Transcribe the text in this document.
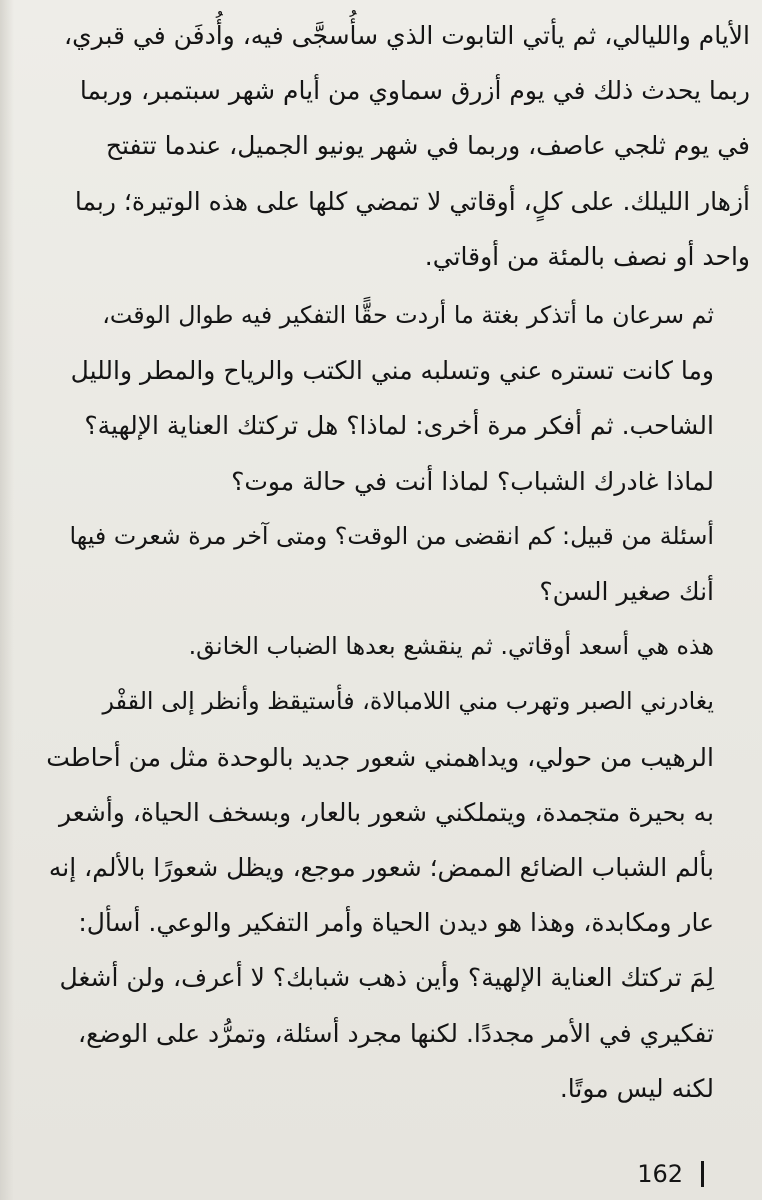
الأيام والليالي، ثم يأتي التابوت الذي سأُسجَّى فيه، وأُدفَن في قبري،
ربما يحدث ذلك في يوم أزرق سماوي من أيام شهر سبتمبر، وربما
في يوم ثلجي عاصف، وربما في شهر يونيو الجميل، عندما تتفتح
أزهار الليلك. على كلٍ، أوقاتي لا تمضي كلها على هذه الوتيرة؛ ربما
واحد أو نصف بالمئة من أوقاتي.

ثم سرعان ما أتذكر بغتة ما أردت حقًّا التفكير فيه طوال الوقت،
وما كانت تستره عني وتسلبه مني الكتب والرياح والمطر والليل
الشاحب. ثم أفكر مرة أخرى: لماذا؟ هل تركتك العناية الإلهية؟
لماذا غادرك الشباب؟ لماذا أنت في حالة موت؟

أسئلة من قبيل: كم انقضى من الوقت؟ ومتى آخر مرة شعرت فيها
أنك صغير السن؟

هذه هي أسعد أوقاتي. ثم ينقشع بعدها الضباب الخانق.

يغادرني الصبر وتهرب مني اللامبالاة، فأستيقظ وأنظر إلى القفْر
الرهيب من حولي، ويداهمني شعور جديد بالوحدة مثل من أحاطت
به بحيرة متجمدة، ويتملكني شعور بالعار، وبسخف الحياة، وأشعر
بألم الشباب الضائع الممض؛ شعور موجع، ويظل شعورًا بالألم، إنه
عار ومكابدة، وهذا هو ديدن الحياة وأمر التفكير والوعي. أسأل:
لِمَ تركتك العناية الإلهية؟ وأين ذهب شبابك؟ لا أعرف، ولن أشغل
تفكيري في الأمر مجددًا. لكنها مجرد أسئلة، وتمرُّد على الوضع،
لكنه ليس موتًا.

162
